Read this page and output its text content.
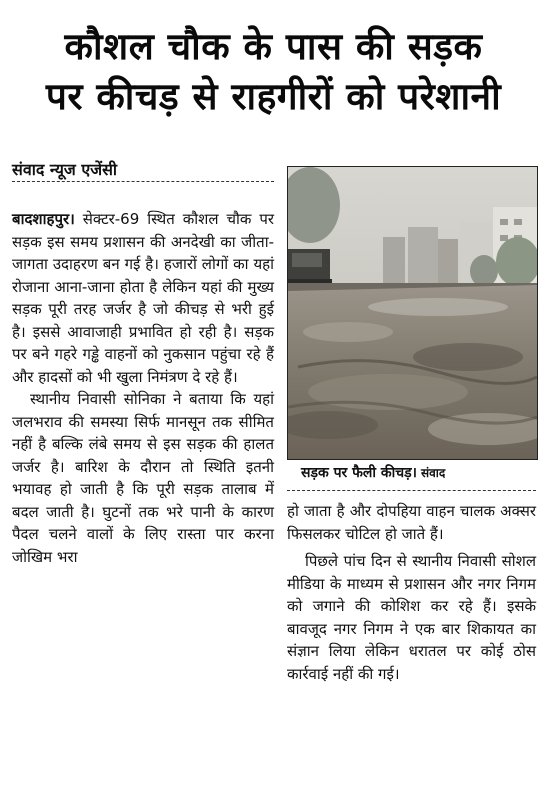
कौशल चौक के पास की सड़क
पर कीचड़ से राहगीरों को परेशानी
संवाद न्यूज एजेंसी

बादशाहपुर। सेक्टर-69 स्थित कौशल चौक पर सड़क इस समय प्रशासन की अनदेखी का जीता-जागता उदाहरण बन गई है। हजारों लोगों का यहां रोजाना आना-जाना होता है लेकिन यहां की मुख्य सड़क पूरी तरह जर्जर है जो कीचड़ से भरी हुई है। इससे आवाजाही प्रभावित हो रही है। सड़क पर बने गहरे गड्ढे वाहनों को नुकसान पहुंचा रहे हैं और हादसों को भी खुला निमंत्रण दे रहे हैं।

स्थानीय निवासी सोनिका ने बताया कि यहां जलभराव की समस्या सिर्फ मानसून तक सीमित नहीं है बल्कि लंबे समय से इस सड़क की हालत जर्जर है। बारिश के दौरान तो स्थिति इतनी भयावह हो जाती है कि पूरी सड़क तालाब में बदल जाती है। घुटनों तक भरे पानी के कारण पैदल चलने वालों के लिए रास्ता पार करना जोखिम भरा

सड़क पर फैली कीचड़। संवाद

हो जाता है और दोपहिया वाहन चालक अक्सर फिसलकर चोटिल हो जाते हैं।

पिछले पांच दिन से स्थानीय निवासी सोशल मीडिया के माध्यम से प्रशासन और नगर निगम को जगाने की कोशिश कर रहे हैं। इसके बावजूद नगर निगम ने एक बार शिकायत का संज्ञान लिया लेकिन धरातल पर कोई ठोस कार्रवाई नहीं की गई।
